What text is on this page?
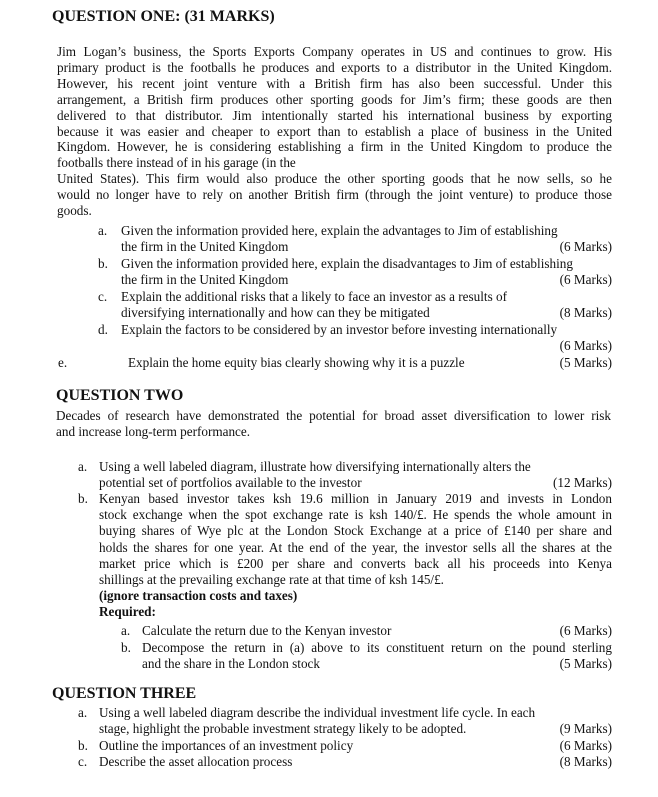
QUESTION ONE: (31 MARKS)
Jim Logan’s business, the Sports Exports Company operates in US and continues to grow. His
primary product is the footballs he produces and exports to a distributor in the United Kingdom.
However, his recent joint venture with a British firm has also been successful. Under this
arrangement, a British firm produces other sporting goods for Jim’s firm; these goods are then
delivered to that distributor. Jim intentionally started his international business by exporting
because it was easier and cheaper to export than to establish a place of business in the United
Kingdom. However, he is considering establishing a firm in the United Kingdom to produce the
footballs there instead of in his garage (in the
United States). This firm would also produce the other sporting goods that he now sells, so he
would no longer have to rely on another British firm (through the joint venture) to produce those
goods.
a. Given the information provided here, explain the advantages to Jim of establishing
the firm in the United Kingdom	(6 Marks)
b. Given the information provided here, explain the disadvantages to Jim of establishing
the firm in the United Kingdom	(6 Marks)
c. Explain the additional risks that a likely to face an investor as a results of
diversifying internationally and how can they be mitigated	(8 Marks)
d. Explain the factors to be considered by an investor before investing internationally
(6 Marks)
e.	Explain the home equity bias clearly showing why it is a puzzle	(5 Marks)
QUESTION TWO
Decades of research have demonstrated the potential for broad asset diversification to lower risk
and increase long-term performance.
a. Using a well labeled diagram, illustrate how diversifying internationally alters the
potential set of portfolios available to the investor	(12 Marks)
b. Kenyan based investor takes ksh 19.6 million in January 2019 and invests in London
stock exchange when the spot exchange rate is ksh 140/£. He spends the whole amount in
buying shares of Wye plc at the London Stock Exchange at a price of £140 per share and
holds the shares for one year. At the end of the year, the investor sells all the shares at the
market price which is £200 per share and converts back all his proceeds into Kenya
shillings at the prevailing exchange rate at that time of ksh 145/£.
(ignore transaction costs and taxes)
Required:
a. Calculate the return due to the Kenyan investor	(6 Marks)
b. Decompose the return in (a) above to its constituent return on the pound sterling
and the share in the London stock	(5 Marks)
QUESTION THREE
a. Using a well labeled diagram describe the individual investment life cycle. In each
stage, highlight the probable investment strategy likely to be adopted.	(9 Marks)
b. Outline the importances of an investment policy	(6 Marks)
c. Describe the asset allocation process	(8 Marks)
